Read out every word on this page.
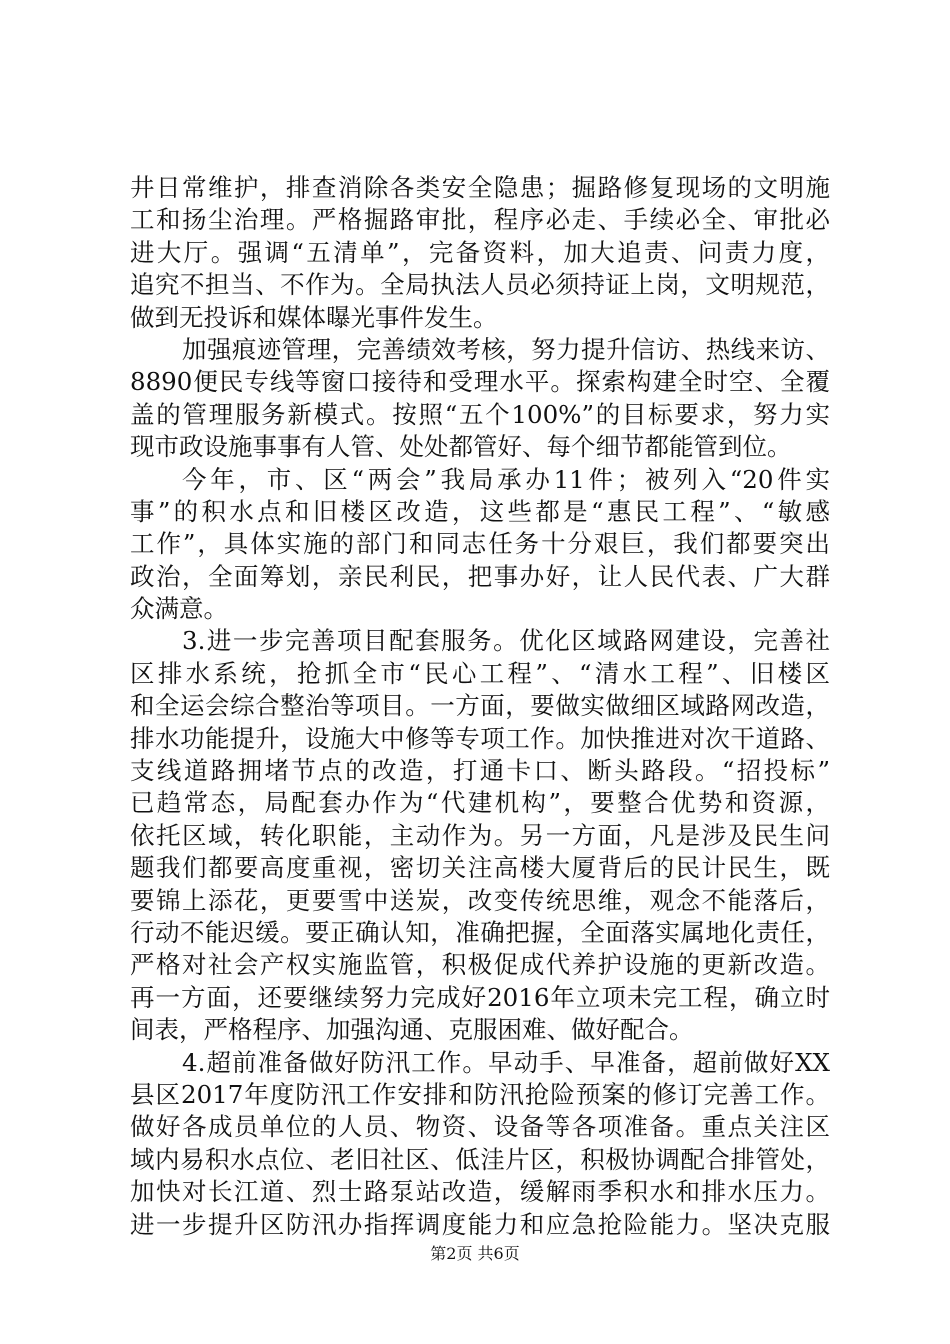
井日常维护，排查消除各类安全隐患；掘路修复现场的文明施
工和扬尘治理。严格掘路审批，程序必走、手续必全、审批必
进大厅。强调“五清单”，完备资料，加大追责、问责力度，
追究不担当、不作为。全局执法人员必须持证上岗，文明规范，
做到无投诉和媒体曝光事件发生。
加强痕迹管理，完善绩效考核，努力提升信访、热线来访、
8890便民专线等窗口接待和受理水平。探索构建全时空、全覆
盖的管理服务新模式。按照“五个100%”的目标要求，努力实
现市政设施事事有人管、处处都管好、每个细节都能管到位。
今年，市、区“两会”我局承办11件；被列入“20件实
事”的积水点和旧楼区改造，这些都是“惠民工程”、“敏感
工作”，具体实施的部门和同志任务十分艰巨，我们都要突出
政治，全面筹划，亲民利民，把事办好，让人民代表、广大群
众满意。
3.进一步完善项目配套服务。优化区域路网建设，完善社
区排水系统，抢抓全市“民心工程”、“清水工程”、旧楼区
和全运会综合整治等项目。一方面，要做实做细区域路网改造，
排水功能提升，设施大中修等专项工作。加快推进对次干道路、
支线道路拥堵节点的改造，打通卡口、断头路段。“招投标”
已趋常态，局配套办作为“代建机构”，要整合优势和资源，
依托区域，转化职能，主动作为。另一方面，凡是涉及民生问
题我们都要高度重视，密切关注高楼大厦背后的民计民生，既
要锦上添花，更要雪中送炭，改变传统思维，观念不能落后，
行动不能迟缓。要正确认知，准确把握，全面落实属地化责任，
严格对社会产权实施监管，积极促成代养护设施的更新改造。
再一方面，还要继续努力完成好2016年立项未完工程，确立时
间表，严格程序、加强沟通、克服困难、做好配合。
4.超前准备做好防汛工作。早动手、早准备，超前做好XX
县区2017年度防汛工作安排和防汛抢险预案的修订完善工作。
做好各成员单位的人员、物资、设备等各项准备。重点关注区
域内易积水点位、老旧社区、低洼片区，积极协调配合排管处，
加快对长江道、烈士路泵站改造，缓解雨季积水和排水压力。
进一步提升区防汛办指挥调度能力和应急抢险能力。坚决克服
第2页 共6页
